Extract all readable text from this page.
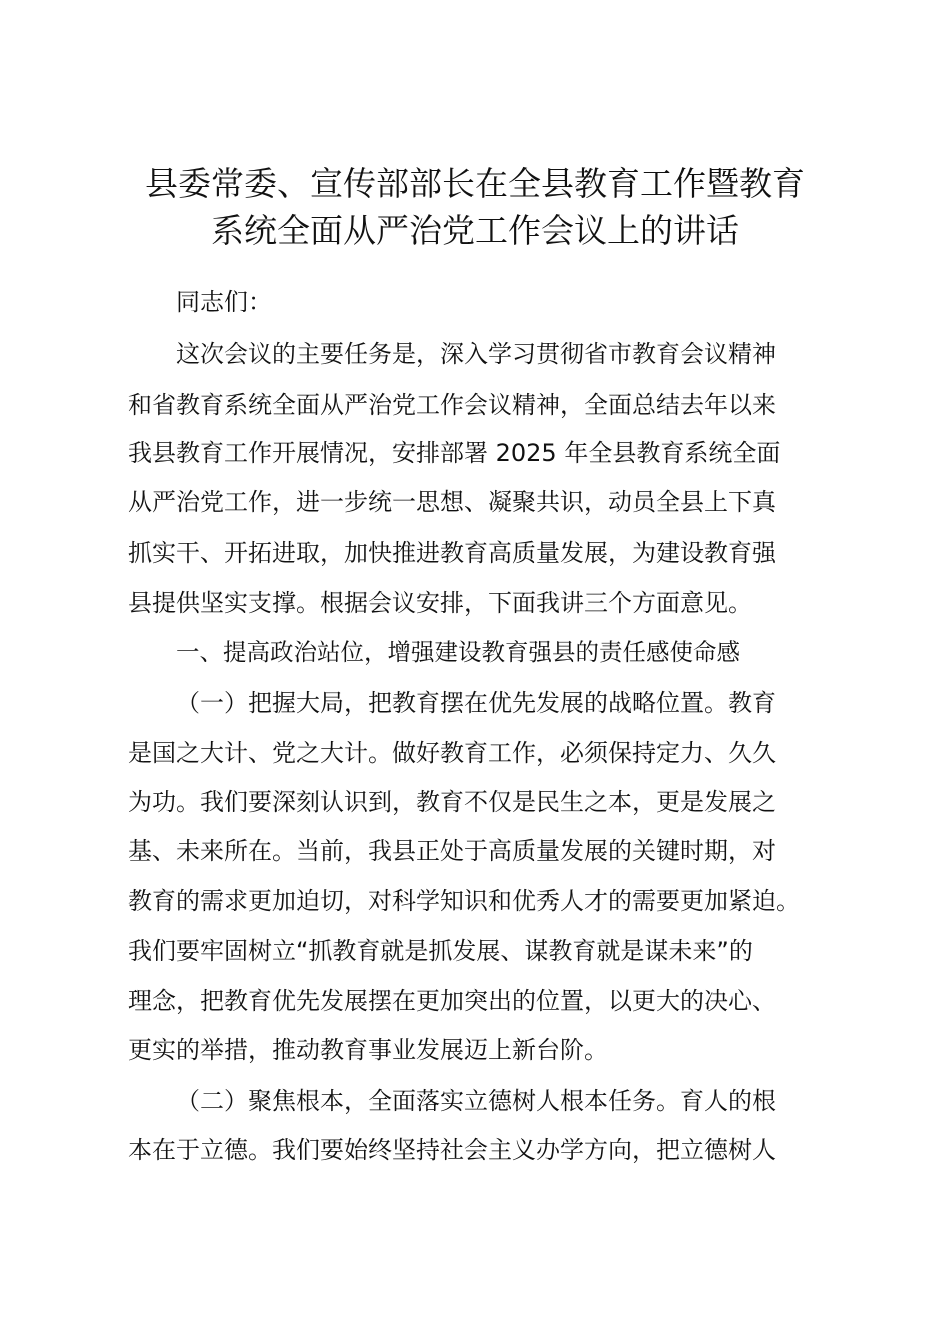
县委常委、宣传部部长在全县教育工作暨教育
系统全面从严治党工作会议上的讲话
同志们：
这次会议的主要任务是，深入学习贯彻省市教育会议精神
和省教育系统全面从严治党工作会议精神，全面总结去年以来
我县教育工作开展情况，安排部署 2025 年全县教育系统全面
从严治党工作，进一步统一思想、凝聚共识，动员全县上下真
抓实干、开拓进取，加快推进教育高质量发展，为建设教育强
县提供坚实支撑。根据会议安排，下面我讲三个方面意见。
一、提高政治站位，增强建设教育强县的责任感使命感
（一）把握大局，把教育摆在优先发展的战略位置。教育
是国之大计、党之大计。做好教育工作，必须保持定力、久久
为功。我们要深刻认识到，教育不仅是民生之本，更是发展之
基、未来所在。当前，我县正处于高质量发展的关键时期，对
教育的需求更加迫切，对科学知识和优秀人才的需要更加紧迫。
我们要牢固树立“抓教育就是抓发展、谋教育就是谋未来”的
理念，把教育优先发展摆在更加突出的位置，以更大的决心、
更实的举措，推动教育事业发展迈上新台阶。
（二）聚焦根本，全面落实立德树人根本任务。育人的根
本在于立德。我们要始终坚持社会主义办学方向，把立德树人
